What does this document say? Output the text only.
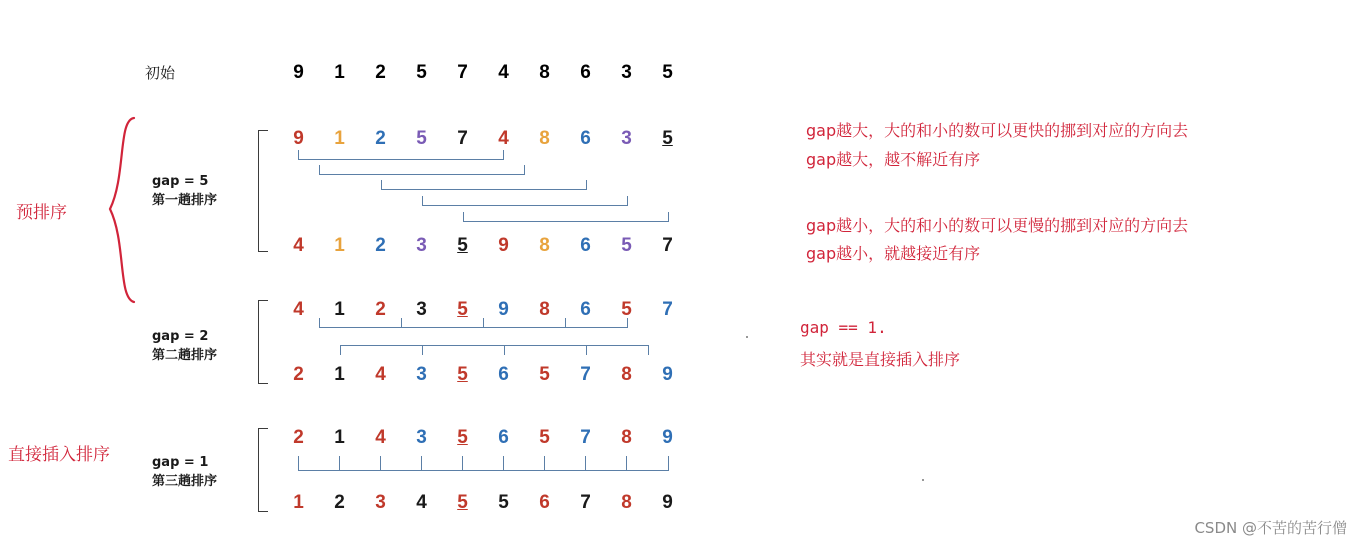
初始	9	1	2	5	7	4	8	6	3	5
预排序
gap = 5
第一趟排序
9	1	2	5	7	4	8	6	3	5
4	1	2	3	5	9	8	6	5	7
gap = 2
第二趟排序
4	1	2	3	5	9	8	6	5	7
2	1	4	3	5	6	5	7	8	9
直接插入排序	gap = 1
第三趟排序
2	1	4	3	5	6	5	7	8	9
1	2	3	4	5	5	6	7	8	9
gap越大，大的和小的数可以更快的挪到对应的方向去
gap越大，越不解近有序
gap越小，大的和小的数可以更慢的挪到对应的方向去
gap越小，就越接近有序
gap == 1.
其实就是直接插入排序
CSDN @不苦的苦行僧
